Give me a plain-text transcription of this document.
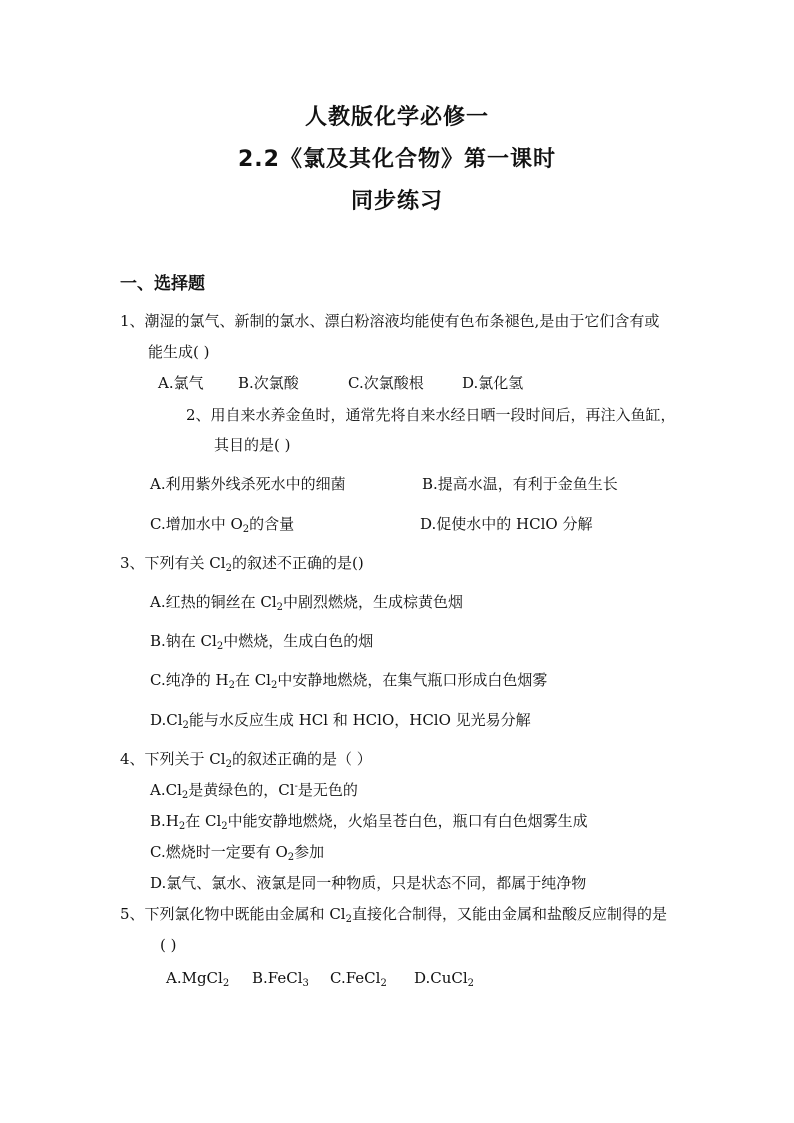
人教版化学必修一
2.2《氯及其化合物》第一课时
同步练习
一、选择题
1、潮湿的氯气、新制的氯水、漂白粉溶液均能使有色布条褪色,是由于它们含有或
能生成( )
A.氯气 B.次氯酸	C.次氯酸根	D.氯化氢
2、用自来水养金鱼时，通常先将自来水经日晒一段时间后，再注入鱼缸，
其目的是( )
A.利用紫外线杀死水中的细菌	B.提高水温，有利于金鱼生长
C.增加水中 $O_2$的含量	D.促使水中的 HClO 分解
3、下列有关 $Cl_2$的叙述不正确的是()
A.红热的铜丝在 $Cl_2$中剧烈燃烧，生成棕黄色烟
B.钠在 $Cl_2$中燃烧，生成白色的烟
C.纯净的 $H_2$在 $Cl_2$中安静地燃烧，在集气瓶口形成白色烟雾
$D.Cl_2$能与水反应生成 HCl 和 HClO，HClO 见光易分解
4、下列关于 $Cl_2$的叙述正确的是（ ）
$A.Cl_2$是黄绿色的，Cl-是无色的
$B.H_2$在 $Cl_2$中能安静地燃烧，火焰呈苍白色，瓶口有白色烟雾生成
C.燃烧时一定要有 $O_2$参加
D.氯气、氯水、液氯是同一种物质，只是状态不同，都属于纯净物
5、下列氯化物中既能由金属和 $Cl_2$直接化合制得，又能由金属和盐酸反应制得的是
( )
A.MgCl$_2$ B.FeCl$_3$ C.FeCl$_2$ D.CuCl$_2$
